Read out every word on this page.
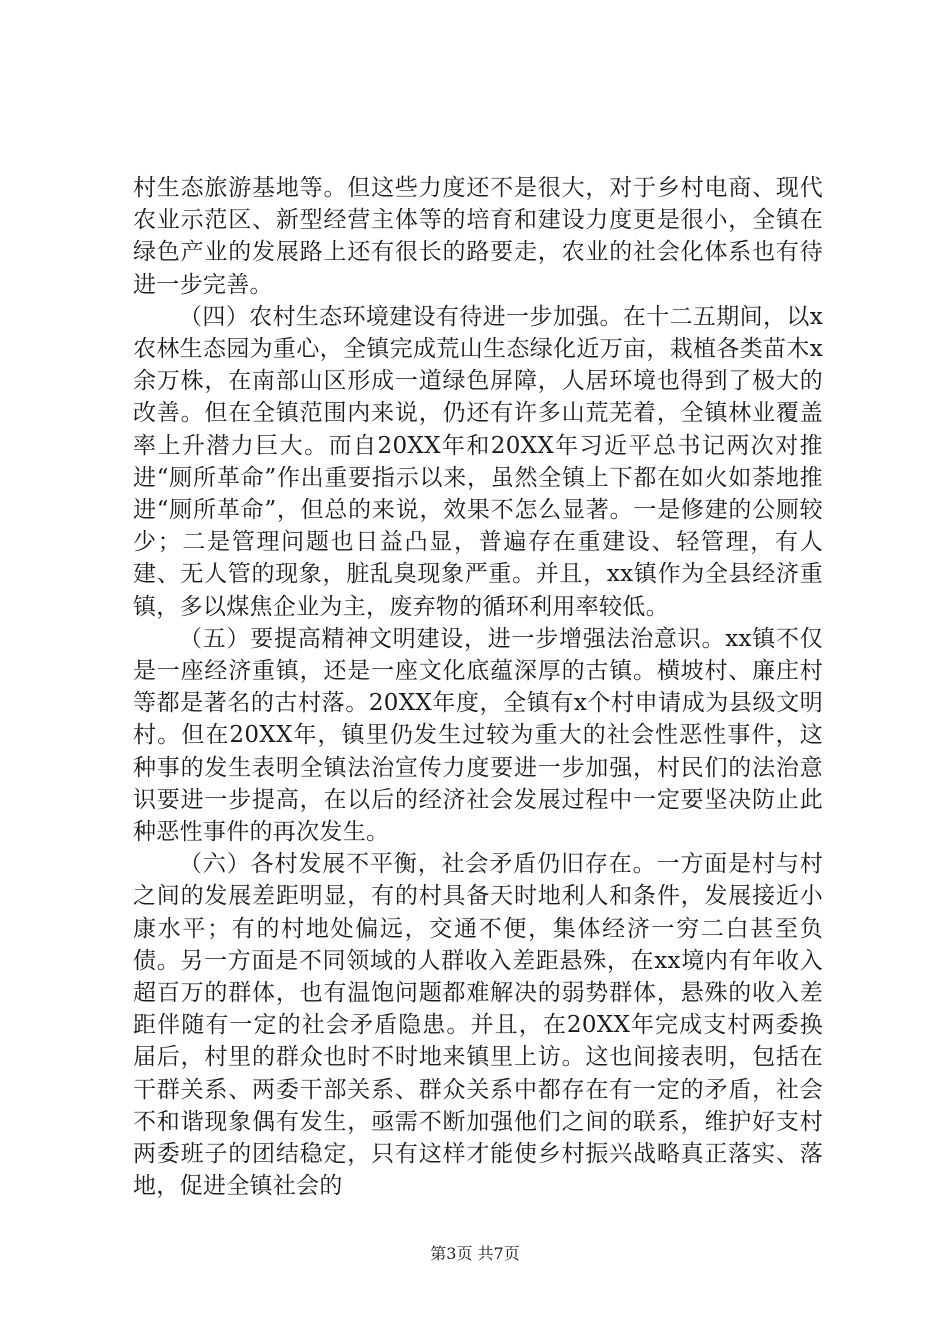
村生态旅游基地等。但这些力度还不是很大，对于乡村电商、现代农业示范区、新型经营主体等的培育和建设力度更是很小，全镇在绿色产业的发展路上还有很长的路要走，农业的社会化体系也有待进一步完善。

（四）农村生态环境建设有待进一步加强。在十二五期间，以x农林生态园为重心，全镇完成荒山生态绿化近万亩，栽植各类苗木x余万株，在南部山区形成一道绿色屏障，人居环境也得到了极大的改善。但在全镇范围内来说，仍还有许多山荒芜着，全镇林业覆盖率上升潜力巨大。而自20XX年和20XX年习近平总书记两次对推进“厕所革命”作出重要指示以来，虽然全镇上下都在如火如荼地推进“厕所革命”，但总的来说，效果不怎么显著。一是修建的公厕较少；二是管理问题也日益凸显，普遍存在重建设、轻管理，有人建、无人管的现象，脏乱臭现象严重。并且，xx镇作为全县经济重镇，多以煤焦企业为主，废弃物的循环利用率较低。

（五）要提高精神文明建设，进一步增强法治意识。xx镇不仅是一座经济重镇，还是一座文化底蕴深厚的古镇。横坡村、廉庄村等都是著名的古村落。20XX年度，全镇有x个村申请成为县级文明村。但在20XX年，镇里仍发生过较为重大的社会性恶性事件，这种事的发生表明全镇法治宣传力度要进一步加强，村民们的法治意识要进一步提高，在以后的经济社会发展过程中一定要坚决防止此种恶性事件的再次发生。

（六）各村发展不平衡，社会矛盾仍旧存在。一方面是村与村之间的发展差距明显，有的村具备天时地利人和条件，发展接近小康水平；有的村地处偏远，交通不便，集体经济一穷二白甚至负债。另一方面是不同领域的人群收入差距悬殊，在xx境内有年收入超百万的群体，也有温饱问题都难解决的弱势群体，悬殊的收入差距伴随有一定的社会矛盾隐患。并且，在20XX年完成支村两委换届后，村里的群众也时不时地来镇里上访。这也间接表明，包括在干群关系、两委干部关系、群众关系中都存在有一定的矛盾，社会不和谐现象偶有发生，亟需不断加强他们之间的联系，维护好支村两委班子的团结稳定，只有这样才能使乡村振兴战略真正落实、落地，促进全镇社会的

第3页 共7页
